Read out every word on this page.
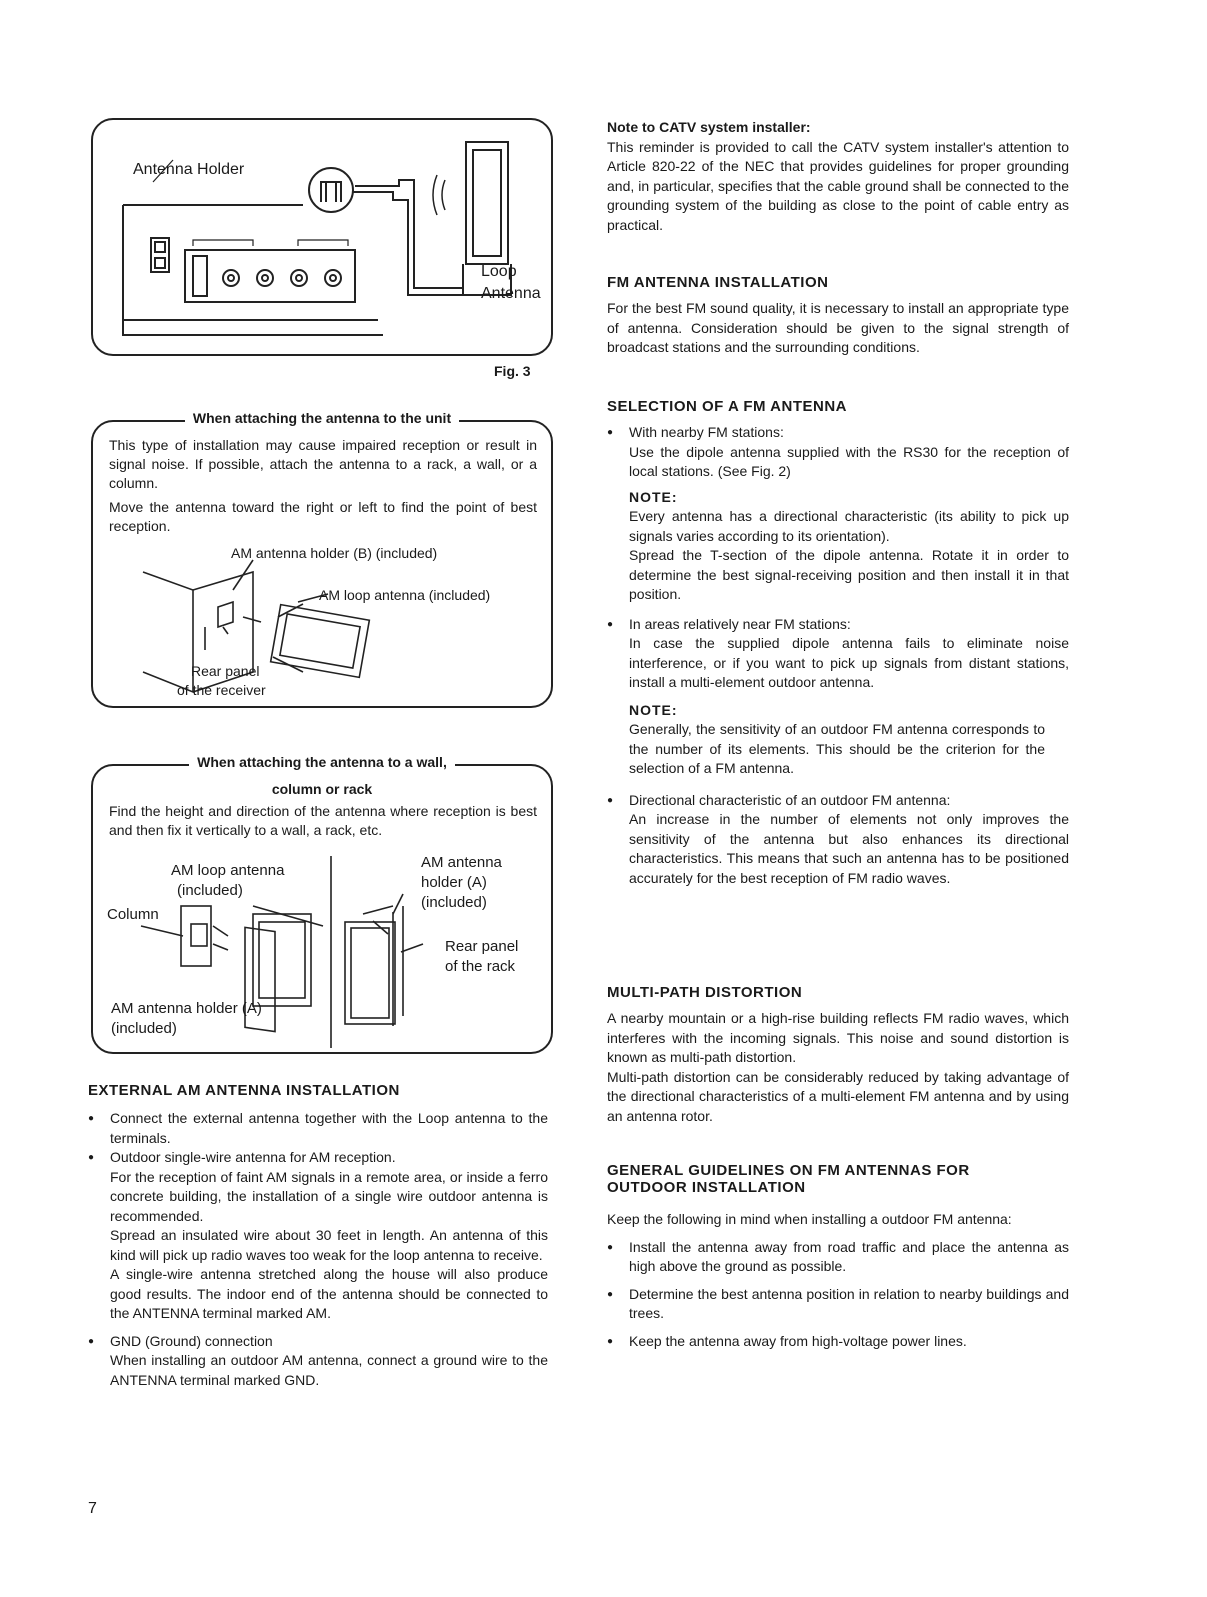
Antenna Holder
Loop
Antenna
Fig. 3
When attaching the antenna to the unit
This type of installation may cause impaired reception or result in signal noise. If possible, attach the antenna to a rack, a wall, or a column.
Move the antenna toward the right or left to find the point of best reception.
AM antenna holder (B) (included)
AM loop antenna (included)
Rear panel
of the receiver
When attaching the antenna to a wall,
column or rack
Find the height and direction of the antenna where reception is best and then fix it vertically to a wall, a rack, etc.
AM loop antenna
(included)
Column
AM antenna holder (A)
(included)
AM antenna
holder (A)
(included)
Rear panel
of the rack
EXTERNAL AM ANTENNA INSTALLATION
● Connect the external antenna together with the Loop antenna to the terminals.
● Outdoor single-wire antenna for AM reception.
For the reception of faint AM signals in a remote area, or inside a ferro concrete building, the installation of a single wire outdoor antenna is recommended.
Spread an insulated wire about 30 feet in length. An antenna of this kind will pick up radio waves too weak for the loop antenna to receive.
A single-wire antenna stretched along the house will also produce good results. The indoor end of the antenna should be connected to the ANTENNA terminal marked AM.
● GND (Ground) connection
When installing an outdoor AM antenna, connect a ground wire to the ANTENNA terminal marked GND.
7
Note to CATV system installer:
This reminder is provided to call the CATV system installer's attention to Article 820-22 of the NEC that provides guidelines for proper grounding and, in particular, specifies that the cable ground shall be connected to the grounding system of the building as close to the point of cable entry as practical.
FM ANTENNA INSTALLATION
For the best FM sound quality, it is necessary to install an appropriate type of antenna. Consideration should be given to the signal strength of broadcast stations and the surrounding conditions.
SELECTION OF A FM ANTENNA
● With nearby FM stations:
Use the dipole antenna supplied with the RS30 for the reception of local stations. (See Fig. 2)
NOTE:
Every antenna has a directional characteristic (its ability to pick up signals varies according to its orientation).
Spread the T-section of the dipole antenna. Rotate it in order to determine the best signal-receiving position and then install it in that position.
● In areas relatively near FM stations:
In case the supplied dipole antenna fails to eliminate noise interference, or if you want to pick up signals from distant stations, install a multi-element outdoor antenna.
NOTE:
Generally, the sensitivity of an outdoor FM antenna corresponds to the number of its elements. This should be the criterion for the selection of a FM antenna.
● Directional characteristic of an outdoor FM antenna:
An increase in the number of elements not only improves the sensitivity of the antenna but also enhances its directional characteristics. This means that such an antenna has to be positioned accurately for the best reception of FM radio waves.
MULTI-PATH DISTORTION
A nearby mountain or a high-rise building reflects FM radio waves, which interferes with the incoming signals. This noise and sound distortion is known as multi-path distortion.
Multi-path distortion can be considerably reduced by taking advantage of the directional characteristics of a multi-element FM antenna and by using an antenna rotor.
GENERAL GUIDELINES ON FM ANTENNAS FOR
OUTDOOR INSTALLATION
Keep the following in mind when installing a outdoor FM antenna:
● Install the antenna away from road traffic and place the antenna as high above the ground as possible.
● Determine the best antenna position in relation to nearby buildings and trees.
● Keep the antenna away from high-voltage power lines.
